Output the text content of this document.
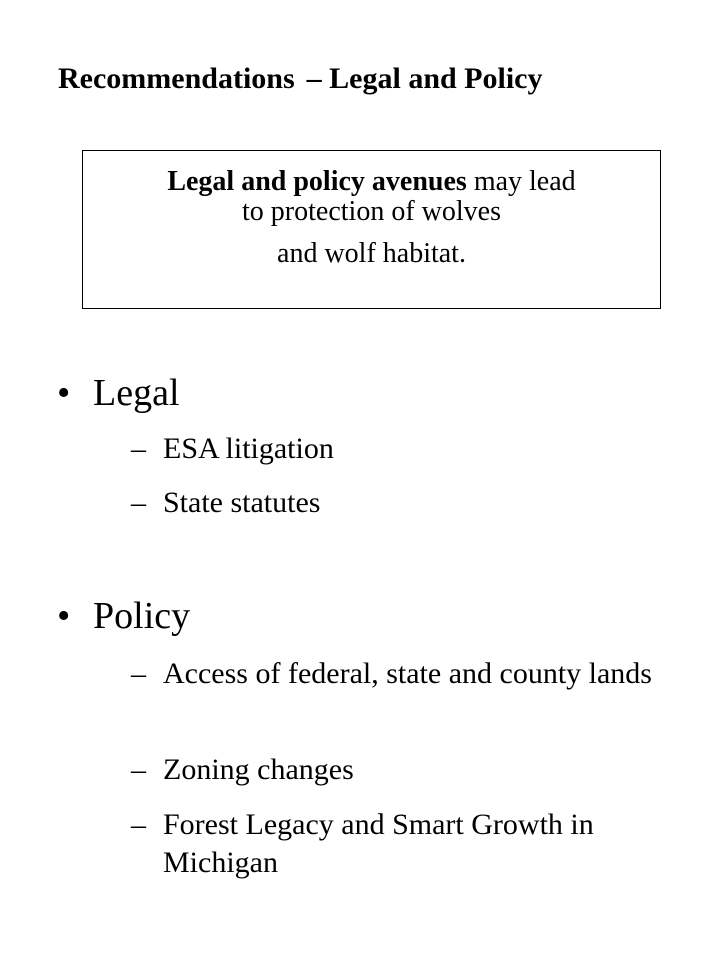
Recommendations – Legal and Policy
Legal and policy avenues may lead
to protection of wolves
and wolf habitat.
• Legal
– ESA litigation
– State statutes
• Policy
– Access of federal, state and county lands
– Zoning changes
– Forest Legacy and Smart Growth in Michigan
